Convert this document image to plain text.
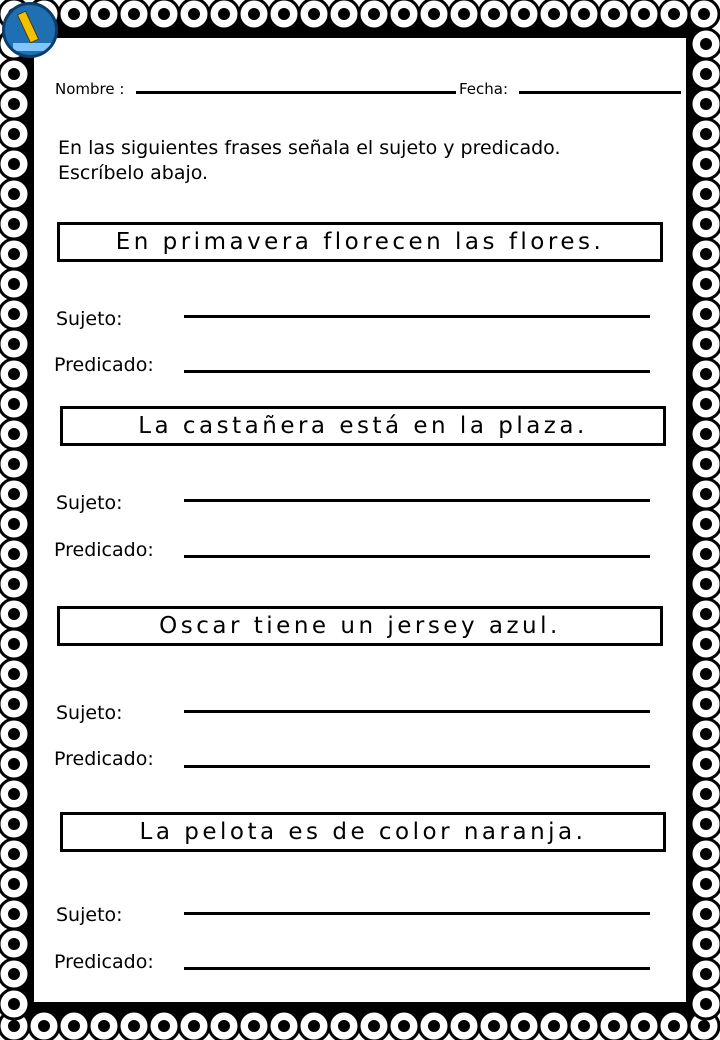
Nombre :	Fecha:
En las siguientes frases señala el sujeto y predicado.
Escríbelo abajo.
En primavera florecen las flores.
Sujeto:
Predicado:
La castañera está en la plaza.
Sujeto:
Predicado:
Oscar tiene un jersey azul.
Sujeto:
Predicado:
La pelota es de color naranja.
Sujeto:
Predicado:
